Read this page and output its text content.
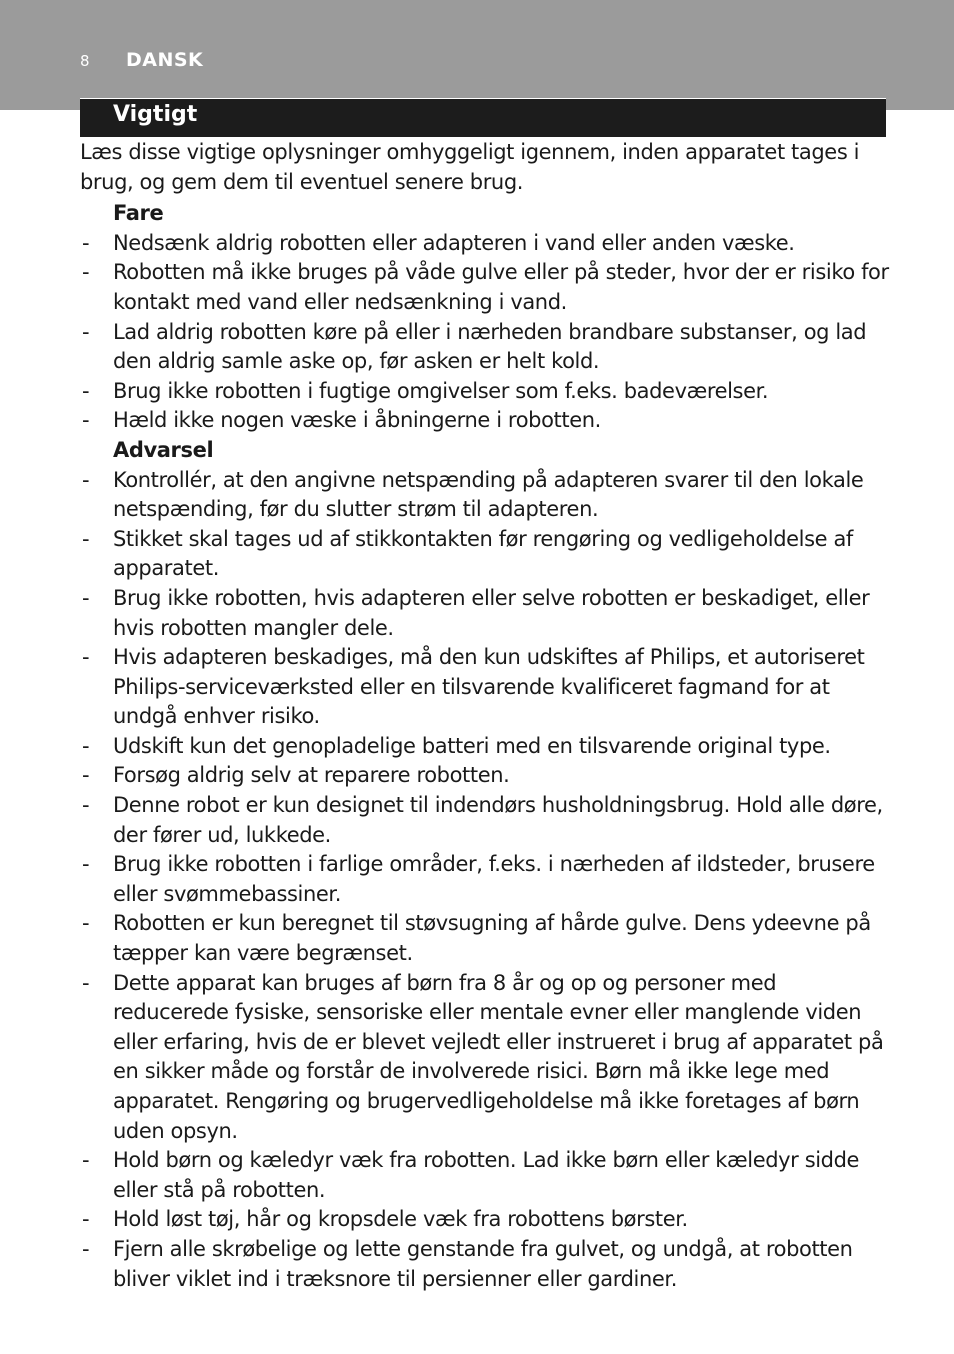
8 DANSK
Vigtigt

Læs disse vigtige oplysninger omhyggeligt igennem, inden apparatet tages i brug, og gem dem til eventuel senere brug.

Fare

- Nedsænk aldrig robotten eller adapteren i vand eller anden væske.
- Robotten må ikke bruges på våde gulve eller på steder, hvor der er risiko for kontakt med vand eller nedsænkning i vand.
- Lad aldrig robotten køre på eller i nærheden brandbare substanser, og lad den aldrig samle aske op, før asken er helt kold.
- Brug ikke robotten i fugtige omgivelser som f.eks. badeværelser.
- Hæld ikke nogen væske i åbningerne i robotten.

Advarsel

- Kontrollér, at den angivne netspænding på adapteren svarer til den lokale netspænding, før du slutter strøm til adapteren.
- Stikket skal tages ud af stikkontakten før rengøring og vedligeholdelse af apparatet.
- Brug ikke robotten, hvis adapteren eller selve robotten er beskadiget, eller hvis robotten mangler dele.
- Hvis adapteren beskadiges, må den kun udskiftes af Philips, et autoriseret Philips-serviceværksted eller en tilsvarende kvalificeret fagmand for at undgå enhver risiko.
- Udskift kun det genopladelige batteri med en tilsvarende original type.
- Forsøg aldrig selv at reparere robotten.
- Denne robot er kun designet til indendørs husholdningsbrug. Hold alle døre, der fører ud, lukkede.
- Brug ikke robotten i farlige områder, f.eks. i nærheden af ildsteder, brusere eller svømmebassiner.
- Robotten er kun beregnet til støvsugning af hårde gulve. Dens ydeevne på tæpper kan være begrænset.
- Dette apparat kan bruges af børn fra 8 år og op og personer med reducerede fysiske, sensoriske eller mentale evner eller manglende viden eller erfaring, hvis de er blevet vejledt eller instrueret i brug af apparatet på en sikker måde og forstår de involverede risici. Børn må ikke lege med apparatet. Rengøring og brugervedligeholdelse må ikke foretages af børn uden opsyn.
- Hold børn og kæledyr væk fra robotten. Lad ikke børn eller kæledyr sidde eller stå på robotten.
- Hold løst tøj, hår og kropsdele væk fra robottens børster.
- Fjern alle skrøbelige og lette genstande fra gulvet, og undgå, at robotten bliver viklet ind i træksnore til persienner eller gardiner.
